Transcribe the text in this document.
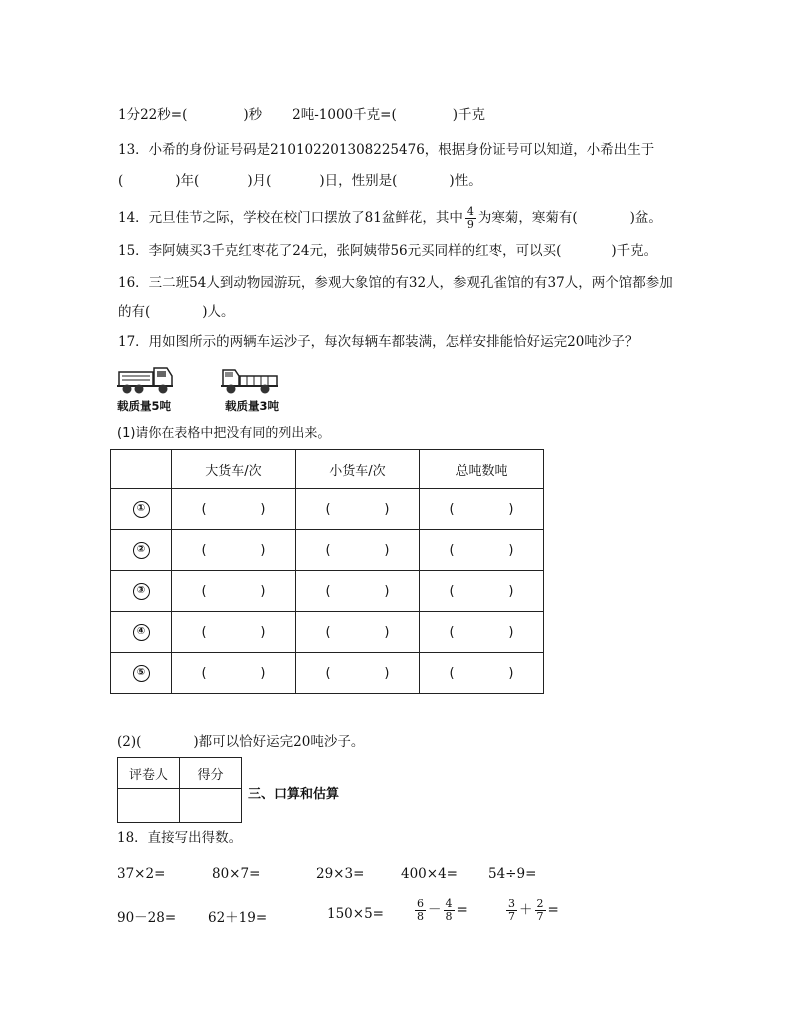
1分22秒=(	)秒 2吨-1000千克=(	)千克
13．小希的身份证号码是210102201308225476，根据身份证号可以知道，小希出生于
(	)年(	)月(	)日，性别是(	)性。
14．元旦佳节之际，学校在校门口摆放了81盆鲜花，其中 $\frac{4}{9}$ 为寒菊，寒菊有(	)盆。
15．李阿姨买3千克红枣花了24元，张阿姨带56元买同样的红枣，可以买(	)千克。
16．三二班54人到动物园游玩，参观大象馆的有32人，参观孔雀馆的有37人，两个馆都参加
的有(	)人。
17．用如图所示的两辆车运沙子，每次每辆车都装满，怎样安排能恰好运完20吨沙子？
载质量5吨	载质量3吨
(1)请你在表格中把没有同的列出来。
	大货车/次	小货车/次	总吨数吨
①	( )	( )	( )

②	( )	( )	( )

③	( )	( )	( )

④	( )	( )	( )

⑤	( )	( )	( )
(2)(	)都可以恰好运完20吨沙子。
评卷人	得分

三、口算和估算
18．直接写出得数。
37×2=	80×7=	29×3=	400×4= 54÷9=
90－28= 62＋19=	150×5=	$\frac{6}{8} - \frac{4}{8}$ =	$\frac{3}{7} + \frac{2}{7}$ =
